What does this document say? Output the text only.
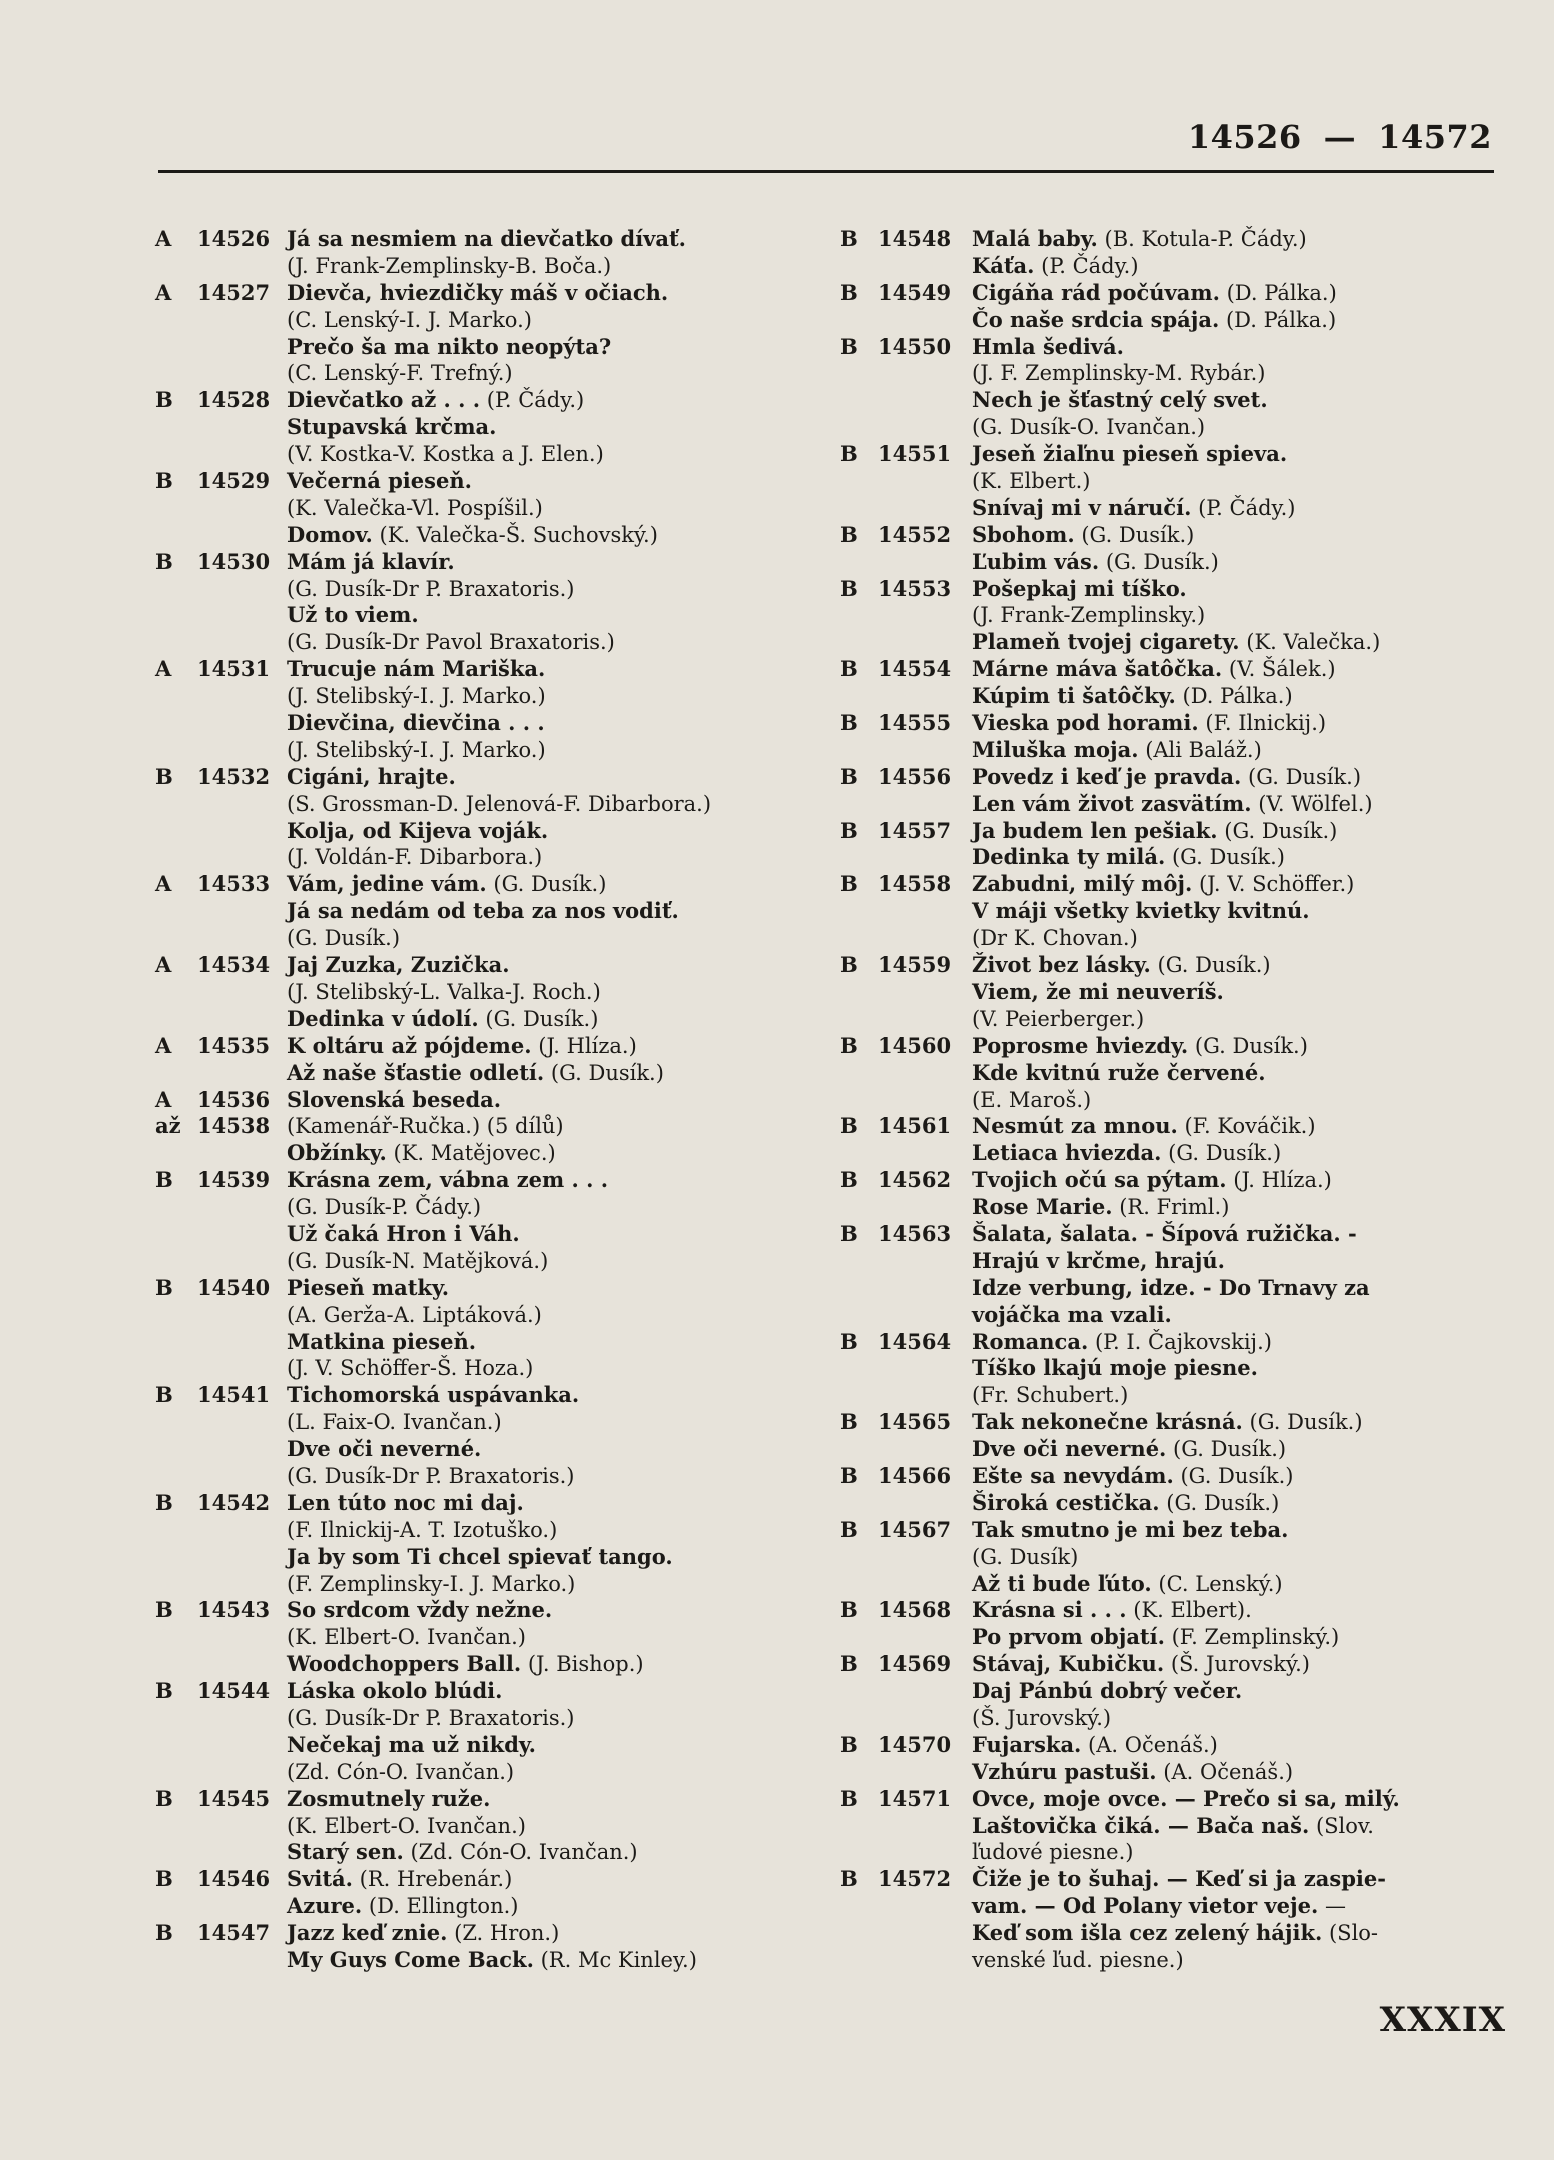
14526 — 14572
A 14526 Já sa nesmiem na dievčatko dívať.
(J. Frank-Zemplinsky-B. Boča.)
A 14527 Dievča, hviezdičky máš v očiach.
(C. Lenský-I. J. Marko.)
Prečo ša ma nikto neopýta?
(C. Lenský-F. Trefný.)
B 14528 Dievčatko až . . . (P. Čády.)
Stupavská krčma.
(V. Kostka-V. Kostka a J. Elen.)
B 14529 Večerná pieseň.
(K. Valečka-Vl. Pospíšil.)
Domov. (K. Valečka-Š. Suchovský.)
B 14530 Mám já klavír.
(G. Dusík-Dr P. Braxatoris.)
Už to viem.
(G. Dusík-Dr Pavol Braxatoris.)
A 14531 Trucuje nám Mariška.
(J. Stelibský-I. J. Marko.)
Dievčina, dievčina . . .
(J. Stelibský-I. J. Marko.)
B 14532 Cigáni, hrajte.
(S. Grossman-D. Jelenová-F. Dibarbora.)
Kolja, od Kijeva voják.
(J. Voldán-F. Dibarbora.)
A 14533 Vám, jedine vám. (G. Dusík.)
Já sa nedám od teba za nos vodiť.
(G. Dusík.)
A 14534 Jaj Zuzka, Zuzička.
(J. Stelibský-L. Valka-J. Roch.)
Dedinka v údolí. (G. Dusík.)
A 14535 K oltáru až pójdeme. (J. Hlíza.)
Až naše šťastie odletí. (G. Dusík.)
A 14536 Slovenská beseda.
až 14538 (Kamenář-Ručka.) (5 dílů)
Obžínky. (K. Matějovec.)
B 14539 Krásna zem, vábna zem . . .
(G. Dusík-P. Čády.)
Už čaká Hron i Váh.
(G. Dusík-N. Matějková.)
B 14540 Pieseň matky.
(A. Gerža-A. Liptáková.)
Matkina pieseň.
(J. V. Schöffer-Š. Hoza.)
B 14541 Tichomorská uspávanka.
(L. Faix-O. Ivančan.)
Dve oči neverné.
(G. Dusík-Dr P. Braxatoris.)
B 14542 Len túto noc mi daj.
(F. Ilnickij-A. T. Izotuško.)
Ja by som Ti chcel spievať tango.
(F. Zemplinsky-I. J. Marko.)
B 14543 So srdcom vždy nežne.
(K. Elbert-O. Ivančan.)
Woodchoppers Ball. (J. Bishop.)
B 14544 Láska okolo blúdi.
(G. Dusík-Dr P. Braxatoris.)
Nečekaj ma už nikdy.
(Zd. Cón-O. Ivančan.)
B 14545 Zosmutnely ruže.
(K. Elbert-O. Ivančan.)
Starý sen. (Zd. Cón-O. Ivančan.)
B 14546 Svitá. (R. Hrebenár.)
Azure. (D. Ellington.)
B 14547 Jazz keď znie. (Z. Hron.)
My Guys Come Back. (R. Mc Kinley.)
B 14548 Malá baby. (B. Kotula-P. Čády.)
Káťa. (P. Čády.)
B 14549 Cigáňa rád počúvam. (D. Pálka.)
Čo naše srdcia spája. (D. Pálka.)
B 14550 Hmla šedivá.
(J. F. Zemplinsky-M. Rybár.)
Nech je šťastný celý svet.
(G. Dusík-O. Ivančan.)
B 14551 Jeseň žiaľnu pieseň spieva.
(K. Elbert.)
Snívaj mi v náručí. (P. Čády.)
B 14552 Sbohom. (G. Dusík.)
Ľubim vás. (G. Dusík.)
B 14553 Pošepkaj mi tíško.
(J. Frank-Zemplinsky.)
Plameň tvojej cigarety. (K. Valečka.)
B 14554 Márne máva šatôčka. (V. Šálek.)
Kúpim ti šatôčky. (D. Pálka.)
B 14555 Vieska pod horami. (F. Ilnickij.)
Miluška moja. (Ali Baláž.)
B 14556 Povedz i keď je pravda. (G. Dusík.)
Len vám život zasvätím. (V. Wölfel.)
B 14557 Ja budem len pešiak. (G. Dusík.)
Dedinka ty milá. (G. Dusík.)
B 14558 Zabudni, milý môj. (J. V. Schöffer.)
V máji všetky kvietky kvitnú.
(Dr K. Chovan.)
B 14559 Život bez lásky. (G. Dusík.)
Viem, že mi neuveríš.
(V. Peierberger.)
B 14560 Poprosme hviezdy. (G. Dusík.)
Kde kvitnú ruže červené.
(E. Maroš.)
B 14561 Nesmút za mnou. (F. Kováčik.)
Letiaca hviezda. (G. Dusík.)
B 14562 Tvojich očú sa pýtam. (J. Hlíza.)
Rose Marie. (R. Friml.)
B 14563 Šalata, šalata. - Šípová ružička. -
Hrajú v krčme, hrajú.
Idze verbung, idze. - Do Trnavy za
vojáčka ma vzali.
B 14564 Romanca. (P. I. Čajkovskij.)
Tíško lkajú moje piesne.
(Fr. Schubert.)
B 14565 Tak nekonečne krásná. (G. Dusík.)
Dve oči neverné. (G. Dusík.)
B 14566 Ešte sa nevydám. (G. Dusík.)
Široká cestička. (G. Dusík.)
B 14567 Tak smutno je mi bez teba.
(G. Dusík)
Až ti bude ľúto. (C. Lenský.)
B 14568 Krásna si . . . (K. Elbert).
Po prvom objatí. (F. Zemplinský.)
B 14569 Stávaj, Kubičku. (Š. Jurovský.)
Daj Pánbú dobrý večer.
(Š. Jurovský.)
B 14570 Fujarska. (A. Očenáš.)
Vzhúru pastuši. (A. Očenáš.)
B 14571 Ovce, moje ovce. — Prečo si sa, milý.
Laštovička čiká. — Bača naš. (Slov.
ľudové piesne.)
B 14572 Čiže je to šuhaj. — Keď si ja zaspie-
vam. — Od Polany vietor veje. —
Keď som išla cez zelený hájik. (Slo-
venské ľud. piesne.)
XXXIX
